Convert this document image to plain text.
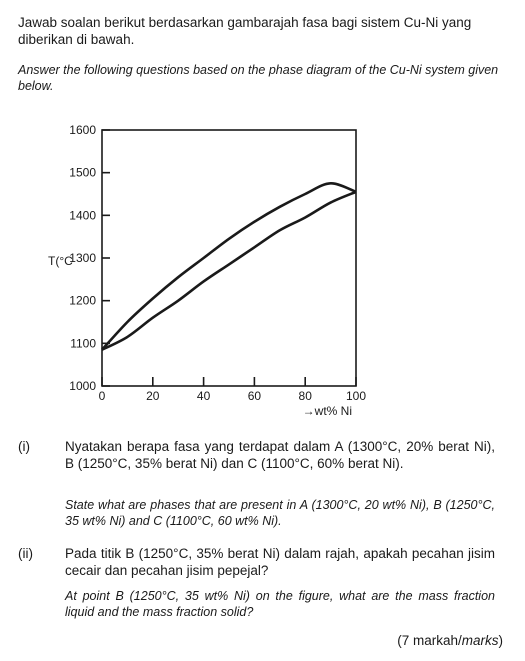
Jawab soalan berikut berdasarkan gambarajah fasa bagi sistem Cu-Ni yang diberikan di bawah.

Answer the following questions based on the phase diagram of the Cu-Ni system given below.

1000
1100
1200
1300
1400
1500
1600
0	20	40	60	80	100
T(°C
→wt% Ni
(i)	Nyatakan berapa fasa yang terdapat dalam A (1300°C, 20% berat Ni), B (1250°C, 35% berat Ni) dan C (1100°C, 60% berat Ni).

State what are phases that are present in A (1300°C, 20 wt% Ni), B (1250°C, 35 wt% Ni) and C (1100°C, 60 wt% Ni).

(ii) Pada titik B (1250°C, 35% berat Ni) dalam rajah, apakah pecahan jisim cecair dan pecahan jisim pepejal?

At point B (1250°C, 35 wt% Ni) on the figure, what are the mass fraction liquid and the mass fraction solid?

(7 markah/marks)
